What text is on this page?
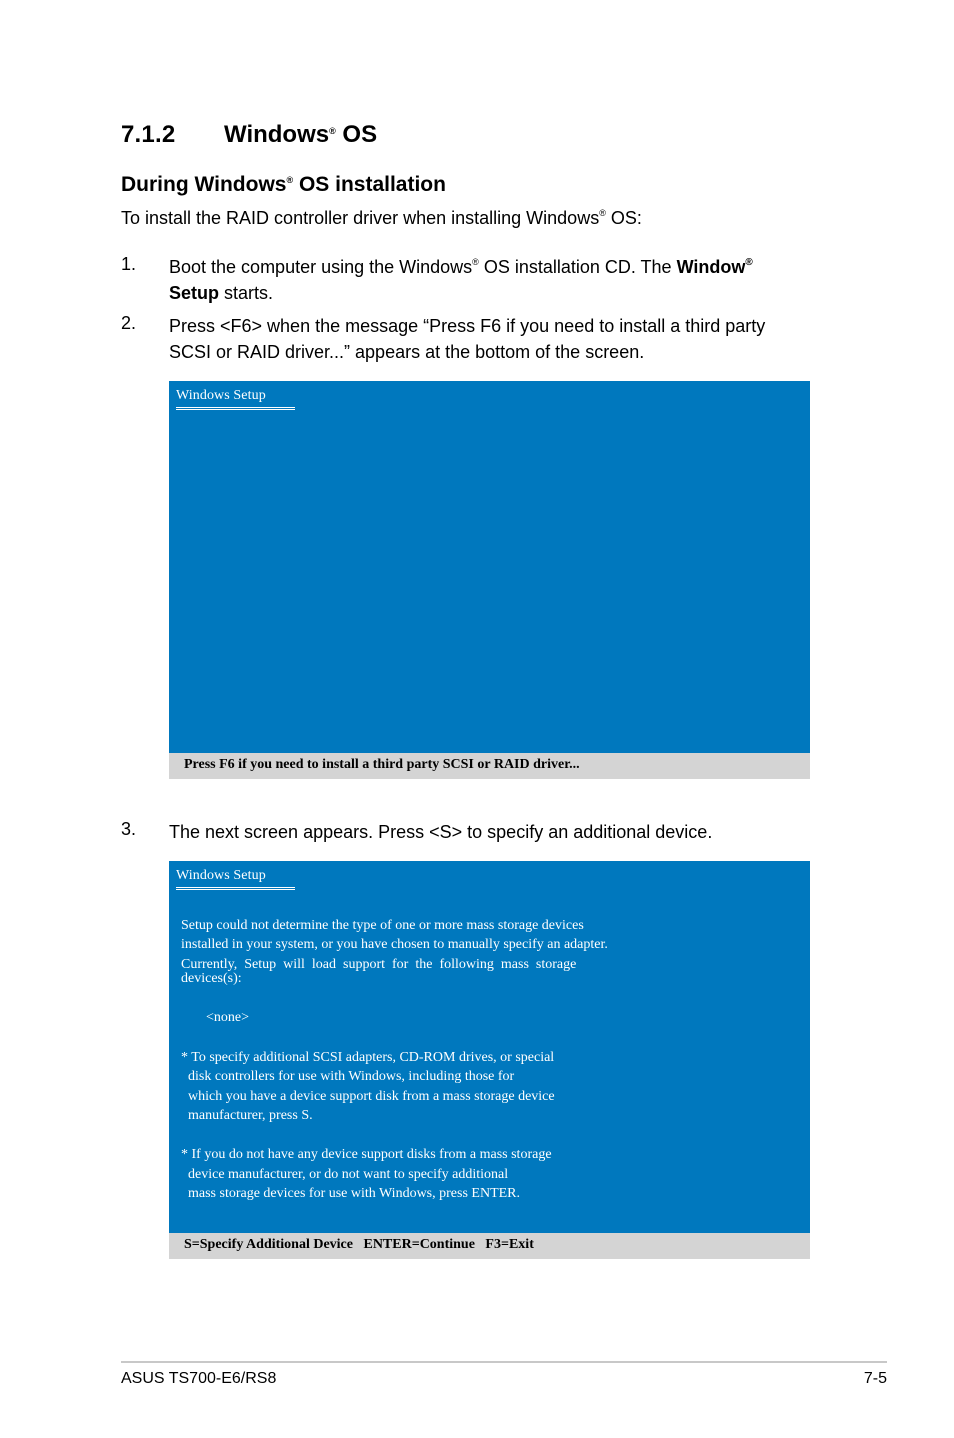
7.1.2 Windows® OS
During Windows® OS installation
To install the RAID controller driver when installing Windows® OS:
1. Boot the computer using the Windows® OS installation CD. The Window®
Setup starts.
2. Press <F6> when the message “Press F6 if you need to install a third party
SCSI or RAID driver...” appears at the bottom of the screen.
Windows Setup
Press F6 if you need to install a third party SCSI or RAID driver...
3. The next screen appears. Press <S> to specify an additional device.
Windows Setup
Setup could not determine the type of one or more mass storage devices
installed in your system, or you have chosen to manually specify an adapter.
Currently,  Setup  will  load  support  for  the  following  mass  storage
devices(s):
<none>
* To specify additional SCSI adapters, CD-ROM drives, or special
disk controllers for use with Windows, including those for
which you have a device support disk from a mass storage device
manufacturer, press S.
* If you do not have any device support disks from a mass storage
device manufacturer, or do not want to specify additional
mass storage devices for use with Windows, press ENTER.
S=Specify Additional Device   ENTER=Continue   F3=Exit
ASUS TS700-E6/RS8	7-5
